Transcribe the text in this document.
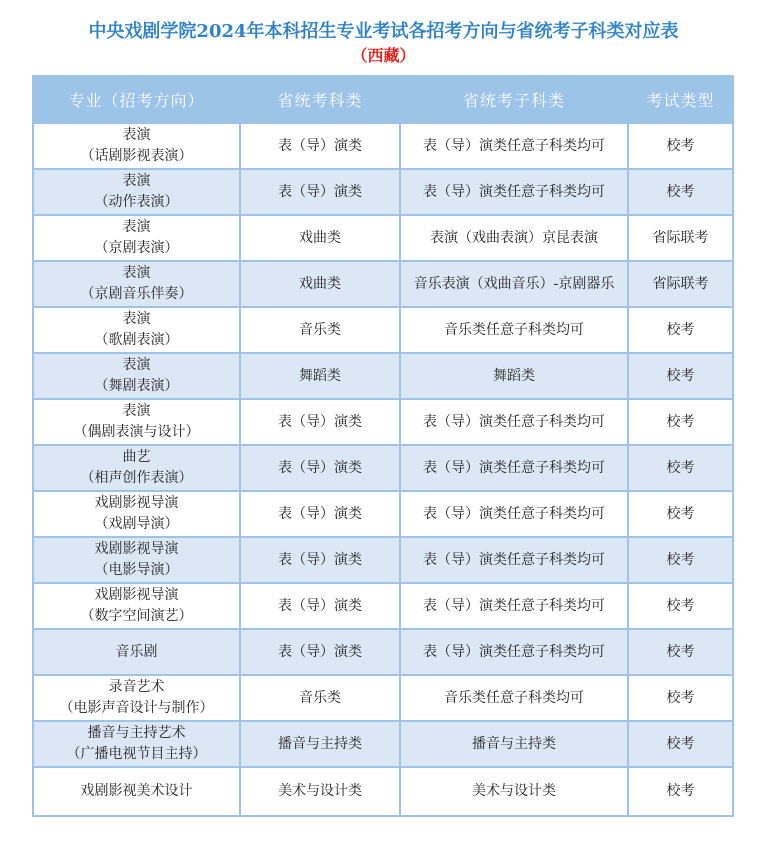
中央戏剧学院2024年本科招生专业考试各招考方向与省统考子科类对应表
（西藏）
专业（招考方向）	省统考科类	省统考子科类	考试类型

表演
（话剧影视表演）	表（导）演类	表（导）演类任意子科类均可	校考

表演
（动作表演）	表（导）演类	表（导）演类任意子科类均可	校考

表演
（京剧表演）	戏曲类	表演（戏曲表演）京昆表演	省际联考

表演
（京剧音乐伴奏）	戏曲类	音乐表演（戏曲音乐）-京剧器乐	省际联考

表演
（歌剧表演）	音乐类	音乐类任意子科类均可	校考

表演
（舞剧表演）	舞蹈类	舞蹈类	校考

表演
（偶剧表演与设计）	表（导）演类	表（导）演类任意子科类均可	校考

曲艺
（相声创作表演）	表（导）演类	表（导）演类任意子科类均可	校考

戏剧影视导演
（戏剧导演）	表（导）演类	表（导）演类任意子科类均可	校考

戏剧影视导演
（电影导演）	表（导）演类	表（导）演类任意子科类均可	校考

戏剧影视导演
（数字空间演艺）	表（导）演类	表（导）演类任意子科类均可	校考

音乐剧	表（导）演类	表（导）演类任意子科类均可	校考

录音艺术
（电影声音设计与制作）	音乐类	音乐类任意子科类均可	校考

播音与主持艺术
（广播电视节目主持）	播音与主持类	播音与主持类	校考

戏剧影视美术设计	美术与设计类	美术与设计类	校考
